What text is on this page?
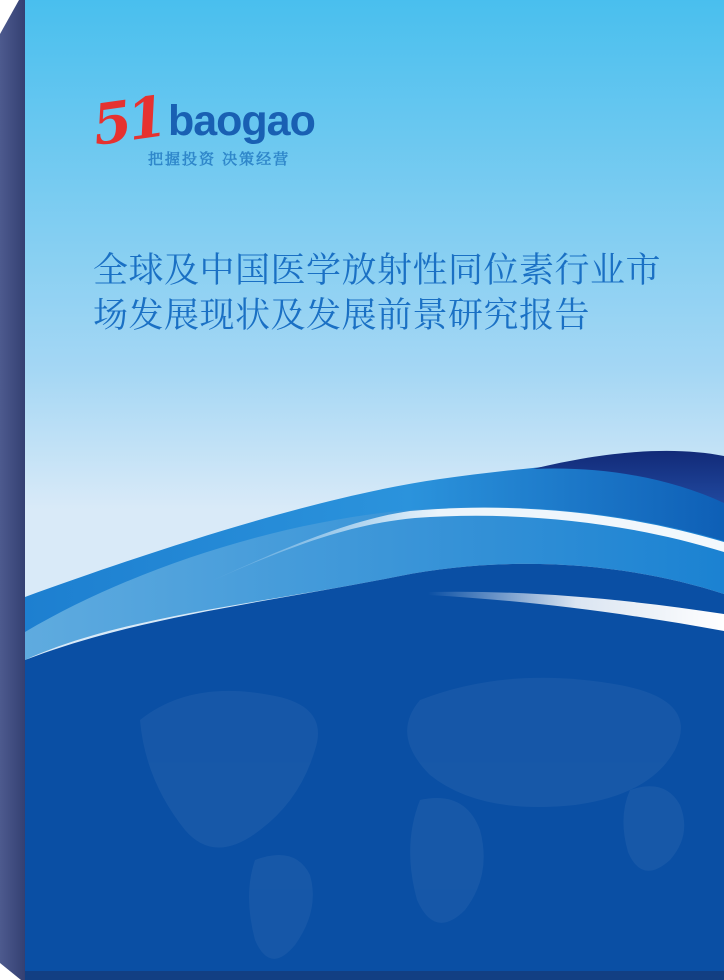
51 baogao
把握投资 决策经营
全球及中国医学放射性同位素行业市
场发展现状及发展前景研究报告
